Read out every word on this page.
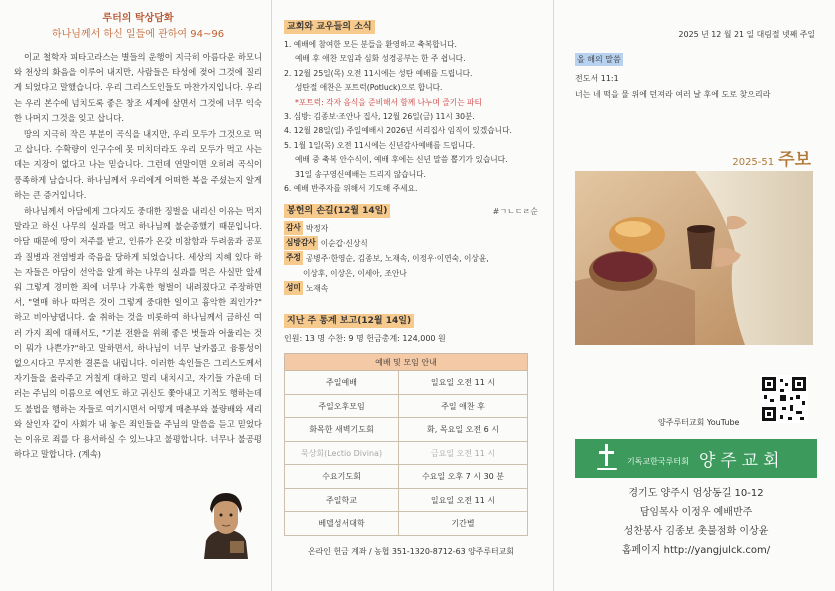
루터의 탁상담화
하나님께서 하신 일들에 관하여 94~96

이교 철학자 피타고라스는 별들의 운행이 지극히 아름다운 하모니와 천상의 화음을 이루어 내지만, 사람들은 타성에 젖어 그것에 질리게 되었다고 말했습니다. 우리 그리스도인들도 마찬가지입니다. 우리는 우리 본수에 넘치도록 좋은 창조 세계에 살면서 그것에 너무 익숙한 나머지 그것을 잊고 삽니다.

땅의 지극히 작은 부분이 곡식을 내지만, 우리 모두가 그것으로 먹고 삽니다. 수확량이 인구수에 못 미치더라도 우리 모두가 먹고 사는 데는 지장이 없다고 나는 믿습니다. 그런데 연말이면 오히려 곡식이 풍족하게 남습니다. 하나님께서 우리에게 어떠한 복을 주셨는지 알게 하는 큰 증거입니다.

하나님께서 아담에게 그다지도 중대한 징벌을 내리신 이유는 먹지 말라고 하신 나무의 실과를 먹고 하나님께 불순종했기 때문입니다. 아담 때문에 땅이 저주를 받고, 인류가 온갖 비참함과 두려움과 공포과 질병과 전염병과 죽음을 당하게 되었습니다. 세상의 지혜 있다 하는 자들은 아담이 선악을 알게 하는 나무의 실과를 먹은 사실만 앞세워 그렇게 경미한 죄에 너무나 가혹한 형벌이 내려졌다고 주장하면서, "열매 하나 따먹은 것이 그렇게 중대한 일이고 흉악한 죄인가?" 하고 비아냥댑니다. 술 취하는 것을 비롯하여 하나님께서 금하신 여러 가지 죄에 대해서도, "기분 전환을 위해 좋은 벗들과 어울리는 것이 뭐가 나쁜가?"하고 말하면서, 하나님이 너무 날카롭고 융통성이 없으시다고 무지한 결론을 내립니다. 이러한 속인들은 그리스도께서 자기들을 올라주고 거칠게 대하고 멀리 내치시고, 자기들 가운데 더러는 주님의 이름으로 예언도 하고 귀신도 쫓아내고 기적도 행하는데도 불법을 행하는 자들로 여기시면서 어떻게 매춘부와 불량배와 세리와 살인자 같이 사회가 내 놓은 죄인들을 주님의 말씀을 듣고 믿었다는 이유로 죄를 다 용서하실 수 있느냐고 불평합니다. 너무나 불공평하다고 말합니다. (계속)

교회와 교우들의 소식
1. 예배에 참여한 모든 분들을 환영하고 축복합니다.
예배 후 애찬 모임과 심화 성경공부는 한 주 쉽니다.
2. 12월 25일(목) 오전 11시에는 성탄 예배를 드립니다.
성탄절 애찬은 포트럭(Potluck)으로 합니다.
*포트럭: 각자 음식을 준비해서 함께 나누며 즐기는 파티
3. 심방: 김종보·조안나 집사, 12월 26일(금) 11시 30분.
4. 12월 28일(일) 주일예배시 2026년 서리집사 임직이 있겠습니다.
5. 1월 1일(목) 오전 11시에는 신년감사예배를 드립니다.
예배 중 축복 안수식이, 예배 후에는 신년 말씀 뽑기가 있습니다.
31일 송구영신예배는 드리지 않습니다.
6. 예배 반주자를 위해서 기도해 주세요.
봉헌의 손길(12월 14일)	#ㄱㄴㄷㄹ순
감사 박정자
심방감사 이순갑·신상식
주정 공병주·한영순, 김종보, 노재속, 이정우·이연숙, 이상윤,
이상후, 이상은, 이세아, 조안나
성미 노재속
지난 주 통계 보고(12월 14일)
인원: 13 명 수찬: 9 명 헌금총계: 124,000 원
예배 및 모임 안내	
주일예배	일요일 오전 11 시
주일오후모임	주일 애찬 후
화목한 새벽기도회	화, 목요일 오전 6 시
묵상회(Lectio Divina)	금요일 오전 11 시
수요기도회	수요일 오후 7 시 30 분
주일학교	일요일 오전 11 시
베델성서대학	기간별
온라인 헌금 계좌 / 농협 351-1320-8712-63 양주루터교회
2025 년 12 월 21 일 대림절 넷째 주일
올 해의 말씀
전도서 11:1
너는 네 떡을 물 위에 던져라 여러 날 후에 도로 찾으리라
2025-51 주보
양주루터교회 YouTube
기독교한국루터회 양주교회
경기도 양주시 엄상동길 10-12
담임목사 이정우 예배반주
성찬봉사 김종보 촛불점화 이상윤
홈페이지 http://yangjulck.com/
